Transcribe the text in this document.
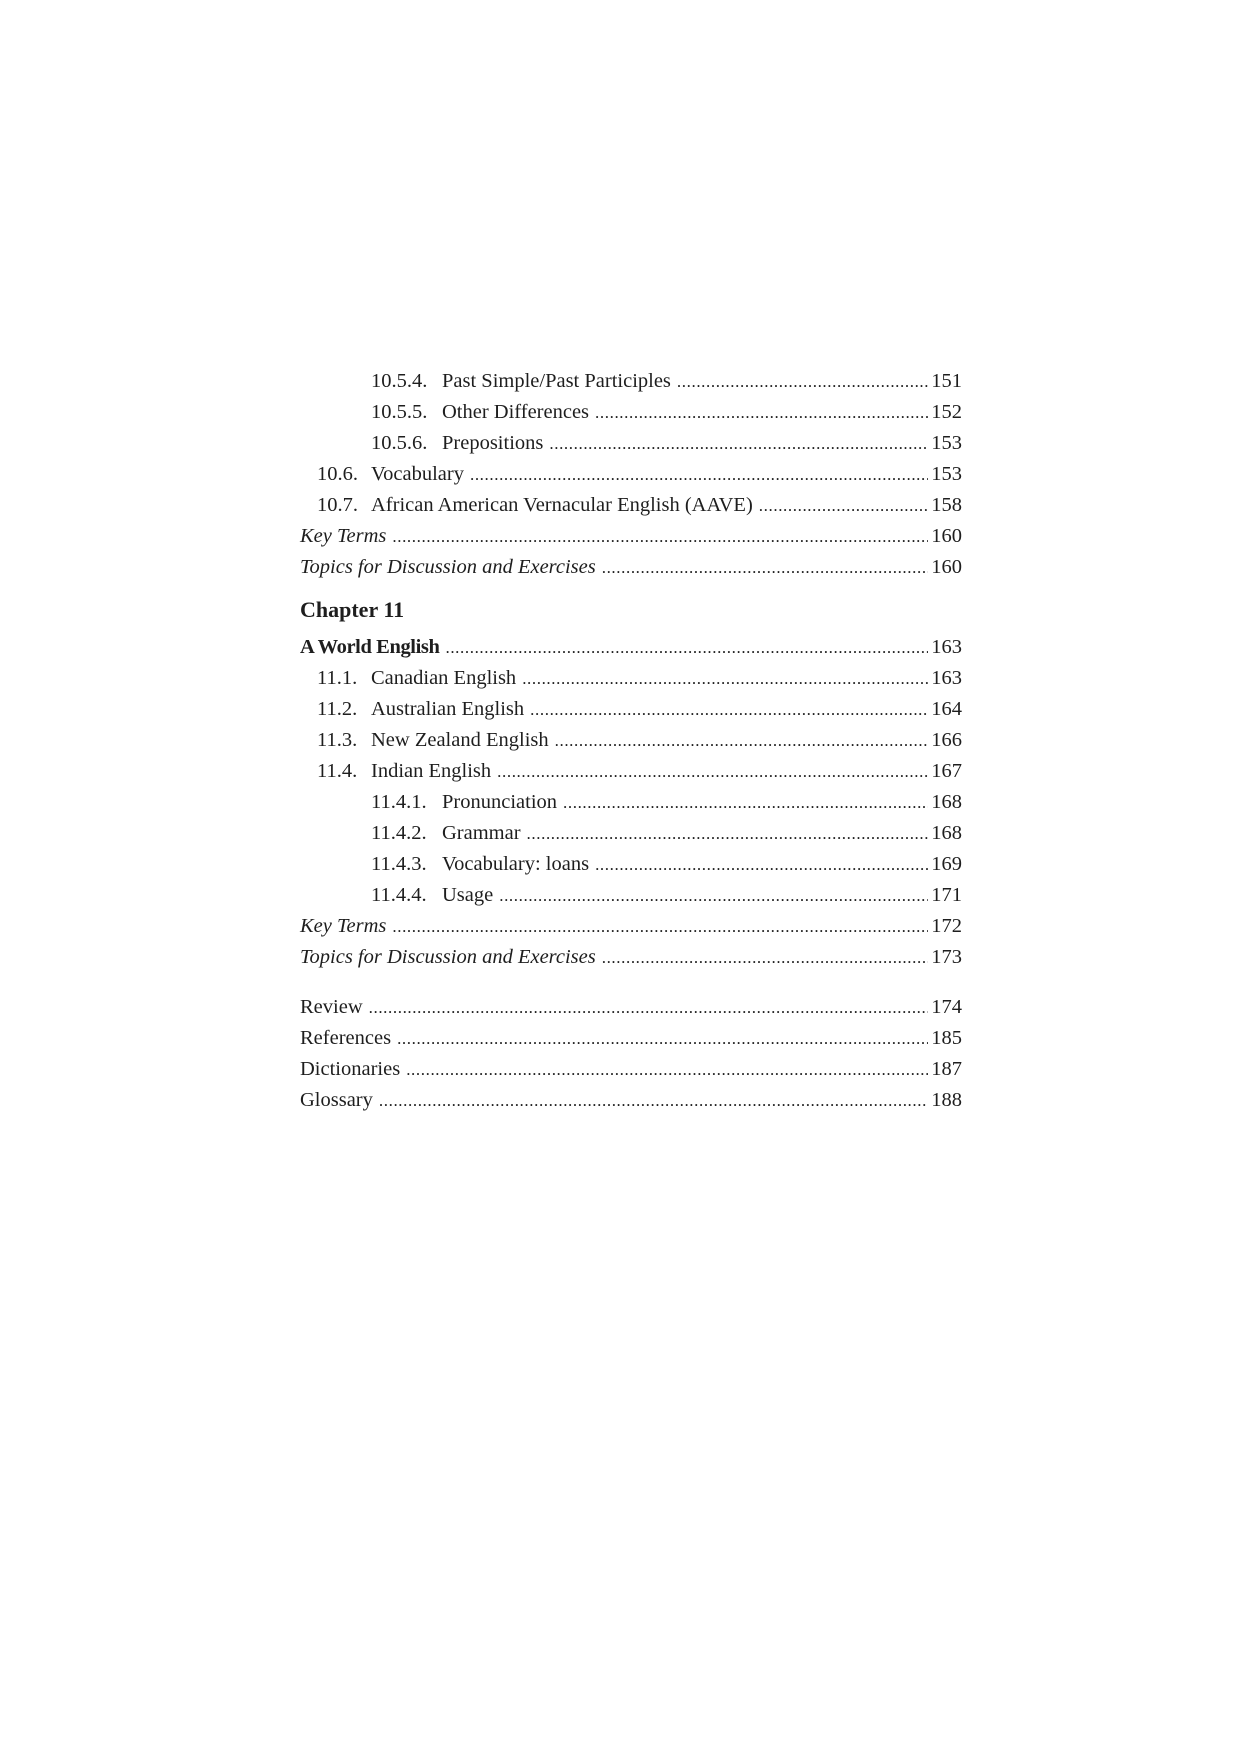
10.5.4. Past Simple/Past Participles .....	151
10.5.5. Other Differences .....	152
10.5.6. Prepositions .....	153
10.6. Vocabulary .....	153
10.7. African American Vernacular English (AAVE) .....	158
Key Terms .....	160
Topics for Discussion and Exercises .....	160
Chapter 11
A World English .....	163
11.1. Canadian English .....	163
11.2. Australian English .....	164
11.3. New Zealand English .....	166
11.4. Indian English .....	167
11.4.1. Pronunciation .....	168
11.4.2. Grammar .....	168
11.4.3. Vocabulary: loans .....	169
11.4.4. Usage .....	171
Key Terms .....	172
Topics for Discussion and Exercises .....	173
Review .....	174
References .....	185
Dictionaries .....	187
Glossary .....	188
